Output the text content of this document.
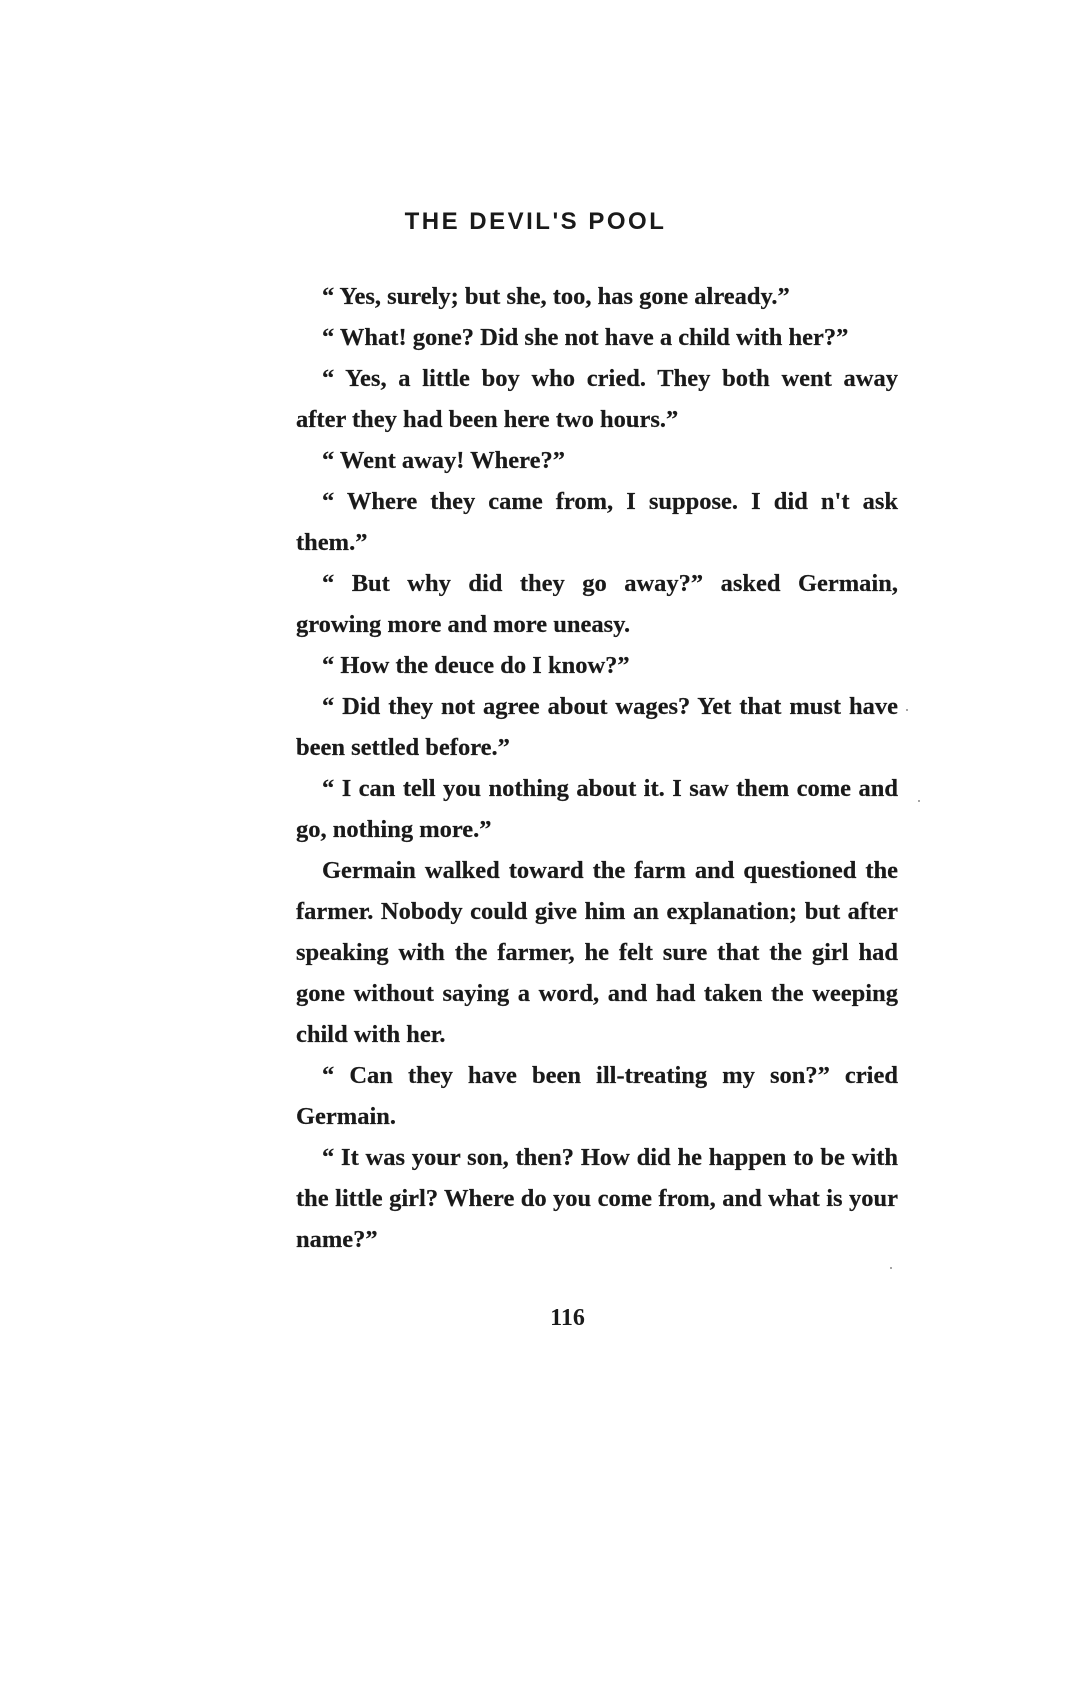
THE DEVIL'S POOL

“ Yes, surely; but she, too, has gone already.”

“ What! gone? Did she not have a child with her?”

“ Yes, a little boy who cried. They both went away after they had been here two hours.”

“ Went away! Where?”

“ Where they came from, I suppose. I did n't ask them.”

“ But why did they go away?” asked Germain, growing more and more uneasy.

“ How the deuce do I know?”

“ Did they not agree about wages? Yet that must have been settled before.”

“ I can tell you nothing about it. I saw them come and go, nothing more.”

Germain walked toward the farm and questioned the farmer. Nobody could give him an explanation; but after speaking with the farmer, he felt sure that the girl had gone without saying a word, and had taken the weeping child with her.

“ Can they have been ill-treating my son?” cried Germain.

“ It was your son, then? How did he happen to be with the little girl? Where do you come from, and what is your name?”

116
